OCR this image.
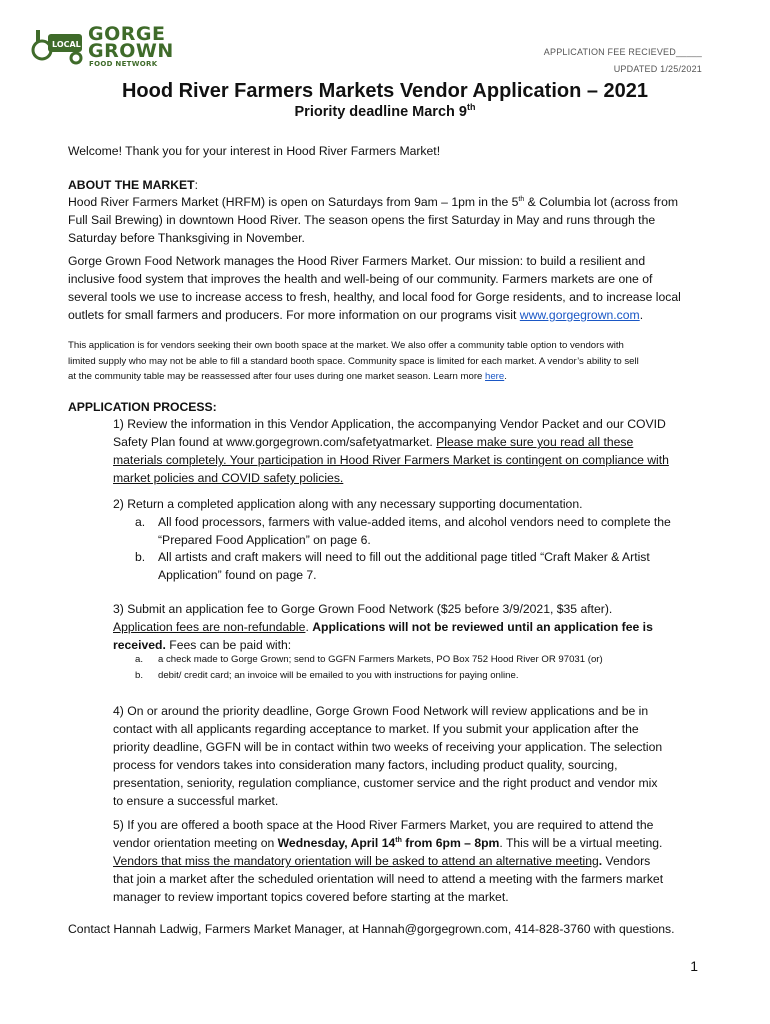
LOCAL GORGE
GROWN
FOOD NETWORK
APPLICATION FEE RECIEVED_____
UPDATED 1/25/2021
Hood River Farmers Markets Vendor Application – 2021
Priority deadline March 9th
Welcome! Thank you for your interest in Hood River Farmers Market!
ABOUT THE MARKET:
Hood River Farmers Market (HRFM) is open on Saturdays from 9am – 1pm in the 5th & Columbia lot (across from
Full Sail Brewing) in downtown Hood River. The season opens the first Saturday in May and runs through the
Saturday before Thanksgiving in November.
Gorge Grown Food Network manages the Hood River Farmers Market. Our mission: to build a resilient and
inclusive food system that improves the health and well-being of our community. Farmers markets are one of
several tools we use to increase access to fresh, healthy, and local food for Gorge residents, and to increase local
outlets for small farmers and producers. For more information on our programs visit www.gorgegrown.com.
This application is for vendors seeking their own booth space at the market. We also offer a community table option to vendors with
limited supply who may not be able to fill a standard booth space. Community space is limited for each market. A vendor’s ability to sell
at the community table may be reassessed after four uses during one market season. Learn more here.
APPLICATION PROCESS:
1) Review the information in this Vendor Application, the accompanying Vendor Packet and our COVID
Safety Plan found at www.gorgegrown.com/safetyatmarket. Please make sure you read all these
materials completely. Your participation in Hood River Farmers Market is contingent on compliance with
market policies and COVID safety policies.
2) Return a completed application along with any necessary supporting documentation.
a.	All food processors, farmers with value-added items, and alcohol vendors need to complete the
“Prepared Food Application” on page 6.
b.	All artists and craft makers will need to fill out the additional page titled “Craft Maker & Artist
Application” found on page 7.
3) Submit an application fee to Gorge Grown Food Network ($25 before 3/9/2021, $35 after).
Application fees are non-refundable. Applications will not be reviewed until an application fee is
received. Fees can be paid with:
a.	a check made to Gorge Grown; send to GGFN Farmers Markets, PO Box 752 Hood River OR 97031 (or)
b.	debit/ credit card; an invoice will be emailed to you with instructions for paying online.
4) On or around the priority deadline, Gorge Grown Food Network will review applications and be in
contact with all applicants regarding acceptance to market. If you submit your application after the
priority deadline, GGFN will be in contact within two weeks of receiving your application. The selection
process for vendors takes into consideration many factors, including product quality, sourcing,
presentation, seniority, regulation compliance, customer service and the right product and vendor mix
to ensure a successful market.
5) If you are offered a booth space at the Hood River Farmers Market, you are required to attend the
vendor orientation meeting on Wednesday, April 14th from 6pm – 8pm. This will be a virtual meeting.
Vendors that miss the mandatory orientation will be asked to attend an alternative meeting. Vendors
that join a market after the scheduled orientation will need to attend a meeting with the farmers market
manager to review important topics covered before starting at the market.
Contact Hannah Ladwig, Farmers Market Manager, at Hannah@gorgegrown.com, 414-828-3760 with questions.
1
